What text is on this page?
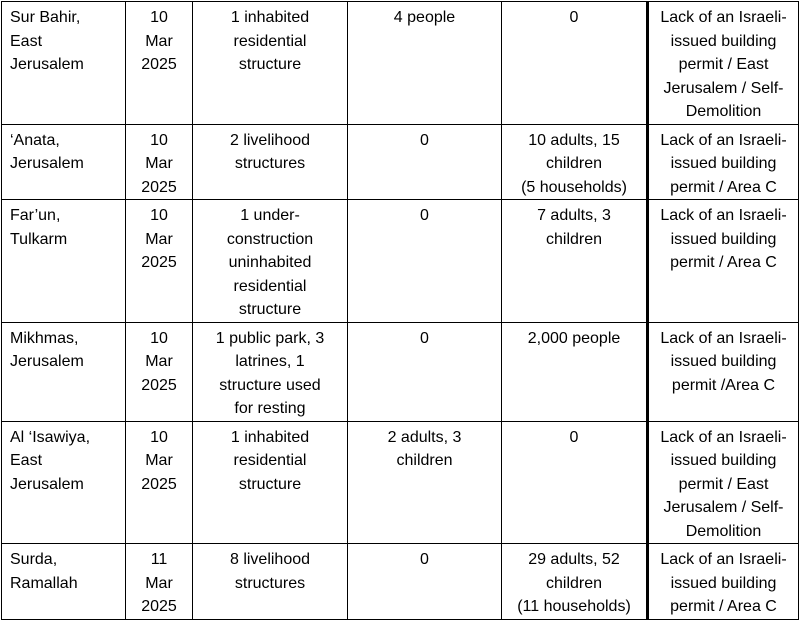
Sur Bahir,
East
Jerusalem	10
Mar
2025	1 inhabited
residential
structure	4 people	0	Lack of an Israeli-
issued building
permit / East
Jerusalem / Self-
Demolition

‘Anata,
Jerusalem	10
Mar
2025	2 livelihood
structures	0	10 adults, 15
children
(5 households)	Lack of an Israeli-
issued building
permit / Area C

Far’un,
Tulkarm	10
Mar
2025	1 under-
construction
uninhabited
residential
structure	0	7 adults, 3
children	Lack of an Israeli-
issued building
permit / Area C

Mikhmas,
Jerusalem	10
Mar
2025	1 public park, 3
latrines, 1
structure used
for resting	0	2,000 people	Lack of an Israeli-
issued building
permit /Area C

Al ‘Isawiya,
East
Jerusalem	10
Mar
2025	1 inhabited
residential
structure	2 adults, 3
children	0	Lack of an Israeli-
issued building
permit / East
Jerusalem / Self-
Demolition

Surda,
Ramallah	11
Mar
2025	8 livelihood
structures	0	29 adults, 52
children
(11 households)	Lack of an Israeli-
issued building
permit / Area C
